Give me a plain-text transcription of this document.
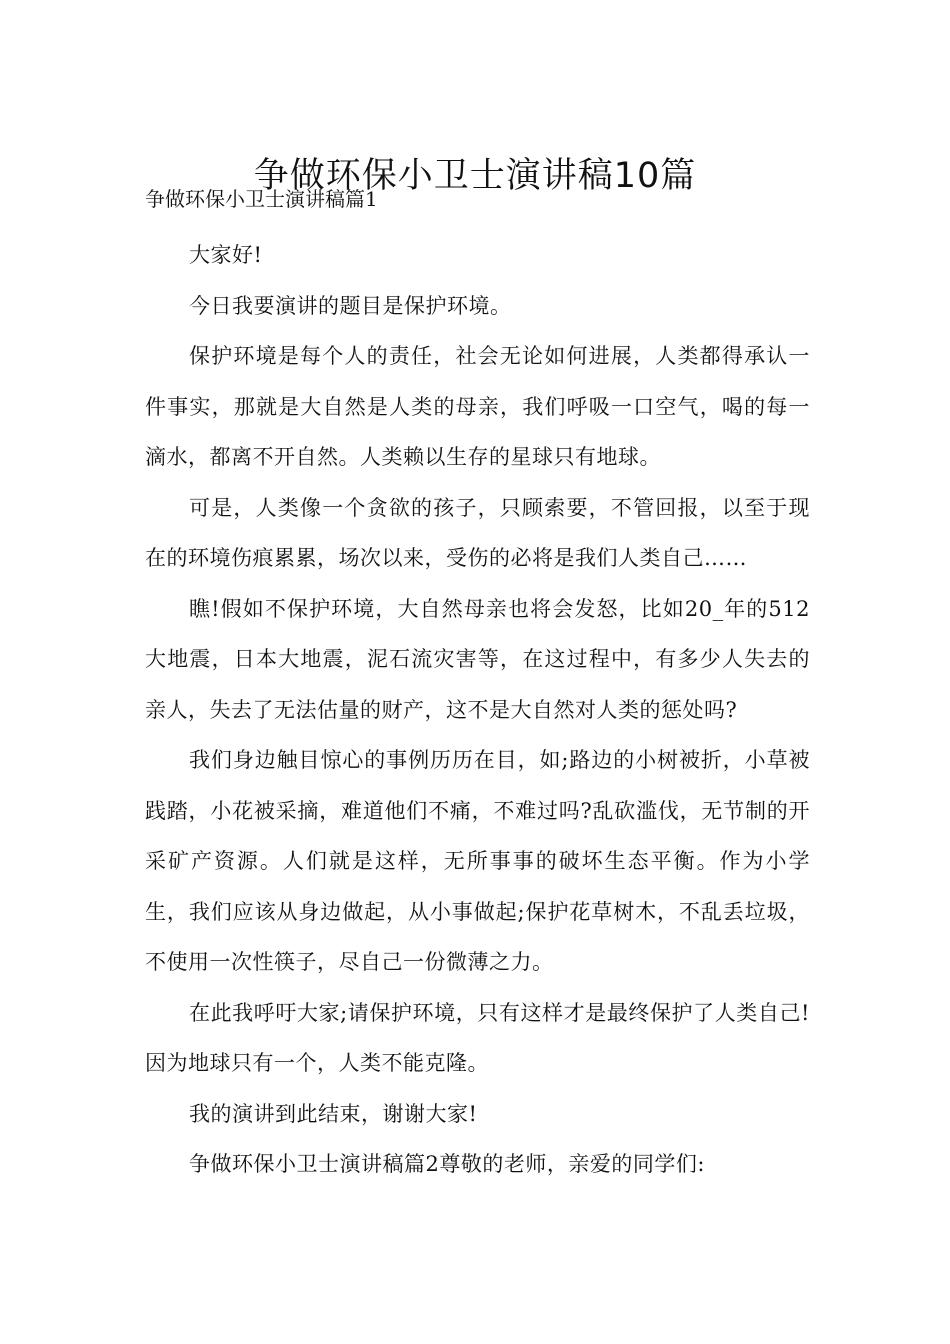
争做环保小卫士演讲稿10篇
争做环保小卫士演讲稿篇1

大家好!

今日我要演讲的题目是保护环境。

保护环境是每个人的责任，社会无论如何进展，人类都得承认一件事实，那就是大自然是人类的母亲，我们呼吸一口空气，喝的每一滴水，都离不开自然。人类赖以生存的星球只有地球。

可是，人类像一个贪欲的孩子，只顾索要，不管回报，以至于现在的环境伤痕累累，场次以来，受伤的必将是我们人类自己……

瞧!假如不保护环境，大自然母亲也将会发怒，比如20_年的512大地震，日本大地震，泥石流灾害等，在这过程中，有多少人失去的亲人，失去了无法估量的财产，这不是大自然对人类的惩处吗?

我们身边触目惊心的事例历历在目，如;路边的小树被折，小草被践踏，小花被采摘，难道他们不痛，不难过吗?乱砍滥伐，无节制的开采矿产资源。人们就是这样，无所事事的破坏生态平衡。作为小学生，我们应该从身边做起，从小事做起;保护花草树木，不乱丢垃圾，不使用一次性筷子，尽自己一份微薄之力。

在此我呼吁大家;请保护环境，只有这样才是最终保护了人类自己!因为地球只有一个，人类不能克隆。

我的演讲到此结束，谢谢大家!

争做环保小卫士演讲稿篇2尊敬的老师，亲爱的同学们:
